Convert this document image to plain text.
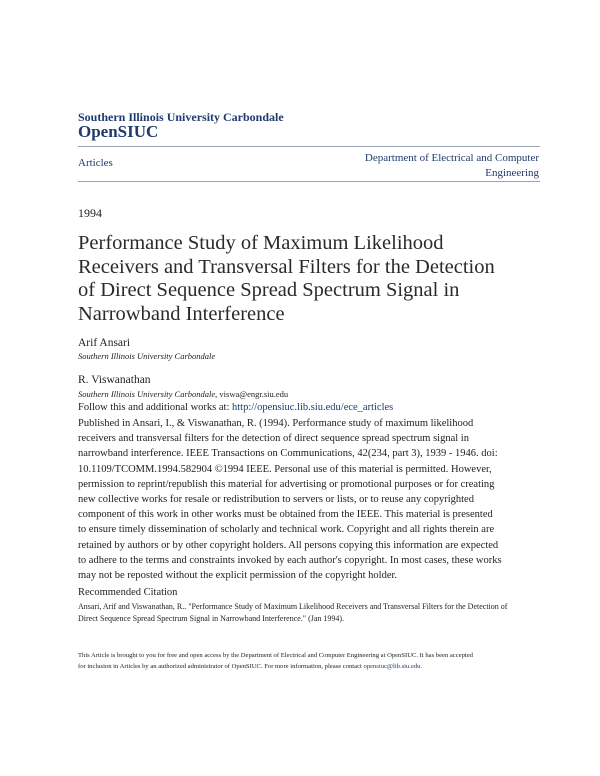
Southern Illinois University Carbondale
OpenSIUC
Articles	Department of Electrical and Computer
Engineering
1994
Performance Study of Maximum Likelihood
Receivers and Transversal Filters for the Detection
of Direct Sequence Spread Spectrum Signal in
Narrowband Interference
Arif Ansari
Southern Illinois University Carbondale
R. Viswanathan
Southern Illinois University Carbondale, viswa@engr.siu.edu
Follow this and additional works at: http://opensiuc.lib.siu.edu/ece_articles
Published in Ansari, I., & Viswanathan, R. (1994). Performance study of maximum likelihood
receivers and transversal filters for the detection of direct sequence spread spectrum signal in
narrowband interference. IEEE Transactions on Communications, 42(234, part 3), 1939 - 1946. doi:
10.1109/TCOMM.1994.582904 ©1994 IEEE. Personal use of this material is permitted. However,
permission to reprint/republish this material for advertising or promotional purposes or for creating
new collective works for resale or redistribution to servers or lists, or to reuse any copyrighted
component of this work in other works must be obtained from the IEEE. This material is presented
to ensure timely dissemination of scholarly and technical work. Copyright and all rights therein are
retained by authors or by other copyright holders. All persons copying this information are expected
to adhere to the terms and constraints invoked by each author's copyright. In most cases, these works
may not be reposted without the explicit permission of the copyright holder.
Recommended Citation
Ansari, Arif and Viswanathan, R.. "Performance Study of Maximum Likelihood Receivers and Transversal Filters for the Detection of
Direct Sequence Spread Spectrum Signal in Narrowband Interference." (Jan 1994).
This Article is brought to you for free and open access by the Department of Electrical and Computer Engineering at OpenSIUC. It has been accepted
for inclusion in Articles by an authorized administrator of OpenSIUC. For more information, please contact opensiuc@lib.siu.edu.
